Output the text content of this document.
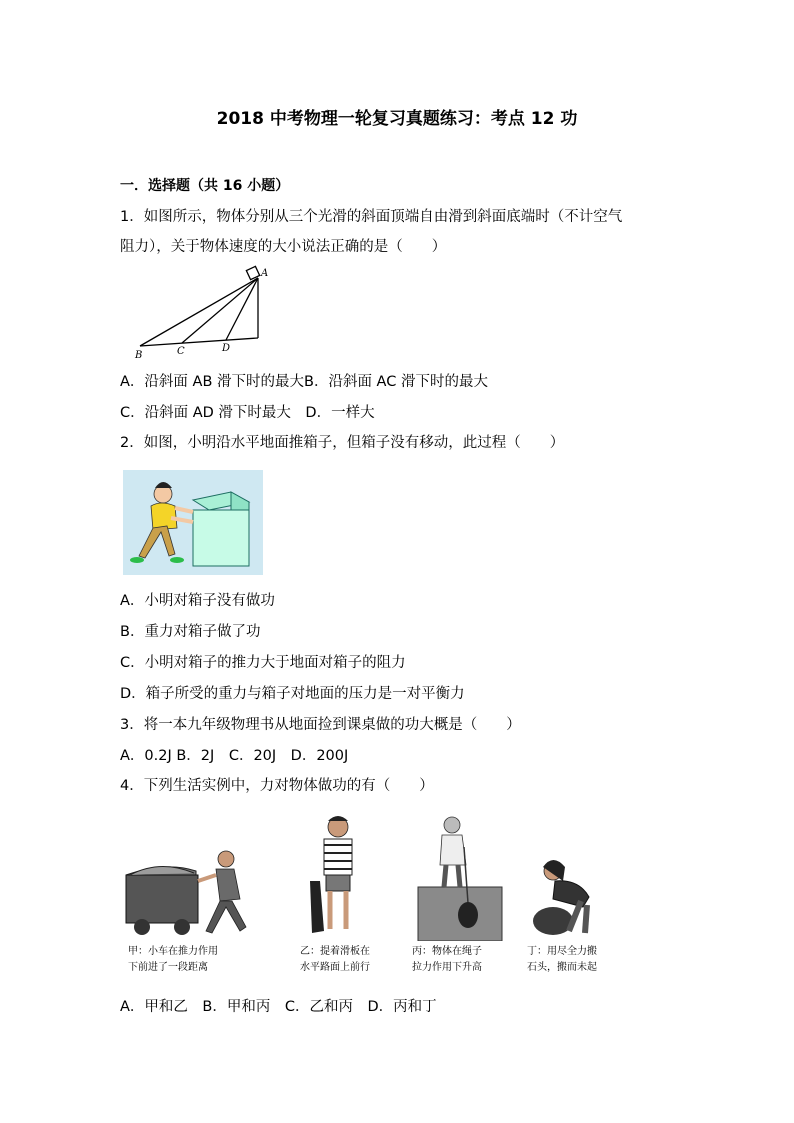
2018 中考物理一轮复习真题练习：考点 12 功
一．选择题（共 16 小题）
1．如图所示，物体分别从三个光滑的斜面顶端自由滑到斜面底端时（不计空气
阻力），关于物体速度的大小说法正确的是（　　）
A
B	C	D
A．沿斜面 AB 滑下时的最大B．沿斜面 AC 滑下时的最大
C．沿斜面 AD 滑下时最大　D．一样大
2．如图，小明沿水平地面推箱子，但箱子没有移动，此过程（　　）
A．小明对箱子没有做功
B．重力对箱子做了功
C．小明对箱子的推力大于地面对箱子的阻力
D．箱子所受的重力与箱子对地面的压力是一对平衡力
3．将一本九年级物理书从地面捡到课桌做的功大概是（　　）
A．0.2J B．2J　C．20J　D．200J
4．下列生活实例中，力对物体做功的有（　　）
甲：小车在推力作用
下前进了一段距离
乙：提着滑板在
水平路面上前行
丙：物体在绳子
拉力作用下升高
丁：用尽全力搬
石头，搬而未起
A．甲和乙　B．甲和丙　C．乙和丙　D．丙和丁
